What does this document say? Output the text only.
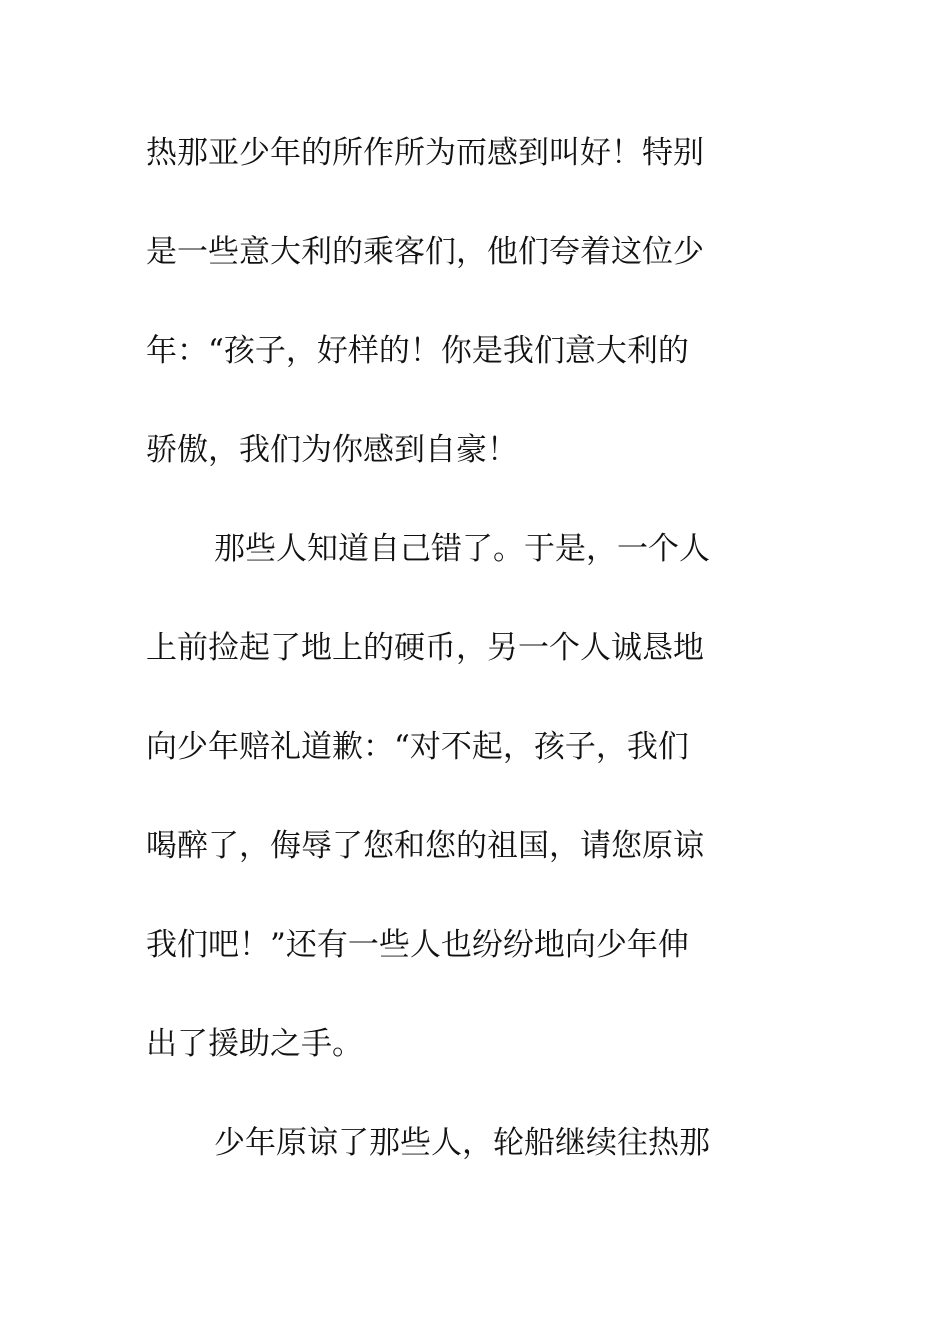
热那亚少年的所作所为而感到叫好！特别
是一些意大利的乘客们，他们夸着这位少
年：“孩子，好样的！你是我们意大利的
骄傲，我们为你感到自豪！
那些人知道自己错了。于是，一个人
上前捡起了地上的硬币，另一个人诚恳地
向少年赔礼道歉：“对不起，孩子，我们
喝醉了，侮辱了您和您的祖国，请您原谅
我们吧！”还有一些人也纷纷地向少年伸
出了援助之手。
少年原谅了那些人，轮船继续往热那
